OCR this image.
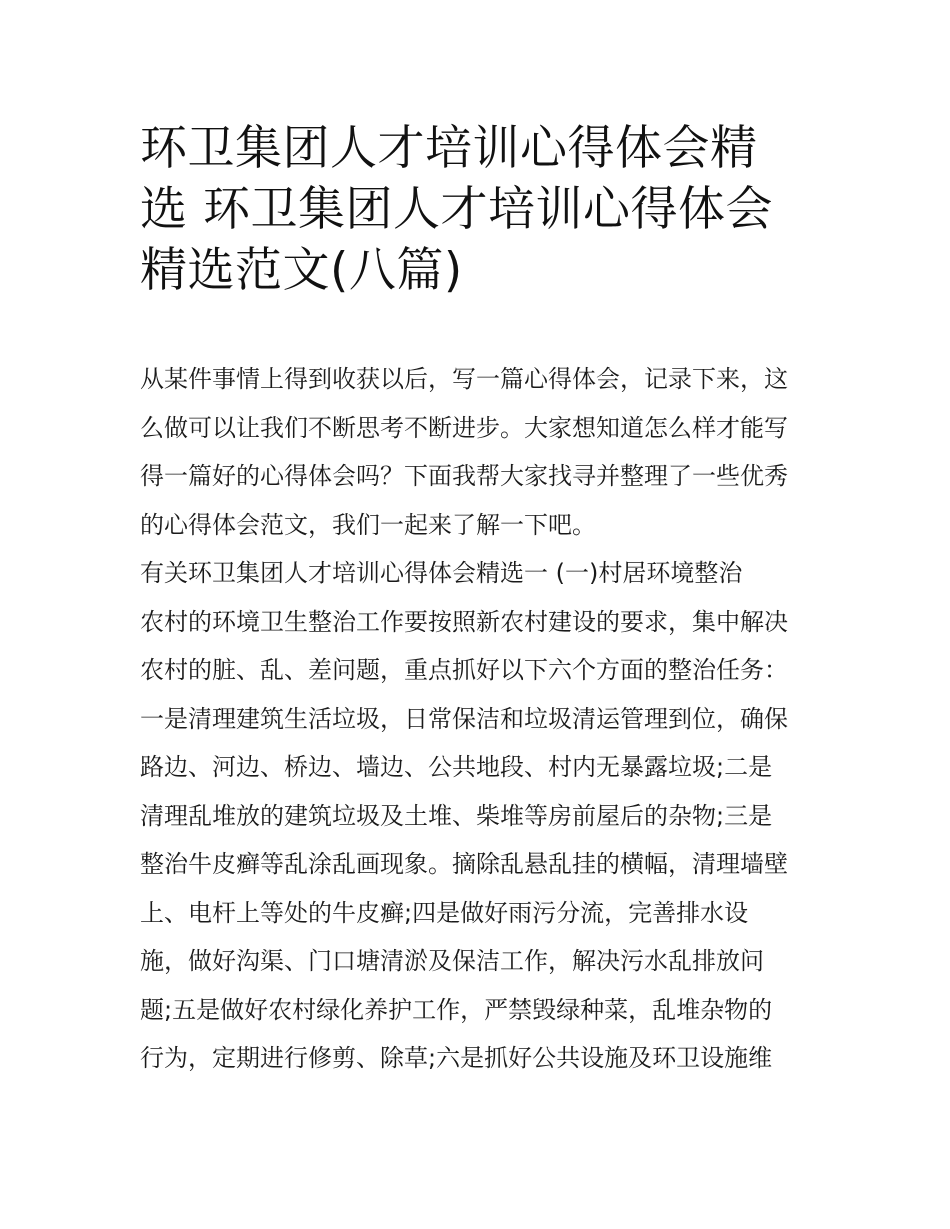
环卫集团人才培训心得体会精
选 环卫集团人才培训心得体会
精选范文(八篇)
从某件事情上得到收获以后，写一篇心得体会，记录下来，这
么做可以让我们不断思考不断进步。大家想知道怎么样才能写
得一篇好的心得体会吗？下面我帮大家找寻并整理了一些优秀
的心得体会范文，我们一起来了解一下吧。
有关环卫集团人才培训心得体会精选一 (一)村居环境整治
农村的环境卫生整治工作要按照新农村建设的要求，集中解决
农村的脏、乱、差问题，重点抓好以下六个方面的整治任务：
一是清理建筑生活垃圾，日常保洁和垃圾清运管理到位，确保
路边、河边、桥边、墙边、公共地段、村内无暴露垃圾;二是
清理乱堆放的建筑垃圾及土堆、柴堆等房前屋后的杂物;三是
整治牛皮癣等乱涂乱画现象。摘除乱悬乱挂的横幅，清理墙壁
上、电杆上等处的牛皮癣;四是做好雨污分流，完善排水设
施，做好沟渠、门口塘清淤及保洁工作，解决污水乱排放问
题;五是做好农村绿化养护工作，严禁毁绿种菜，乱堆杂物的
行为，定期进行修剪、除草;六是抓好公共设施及环卫设施维
